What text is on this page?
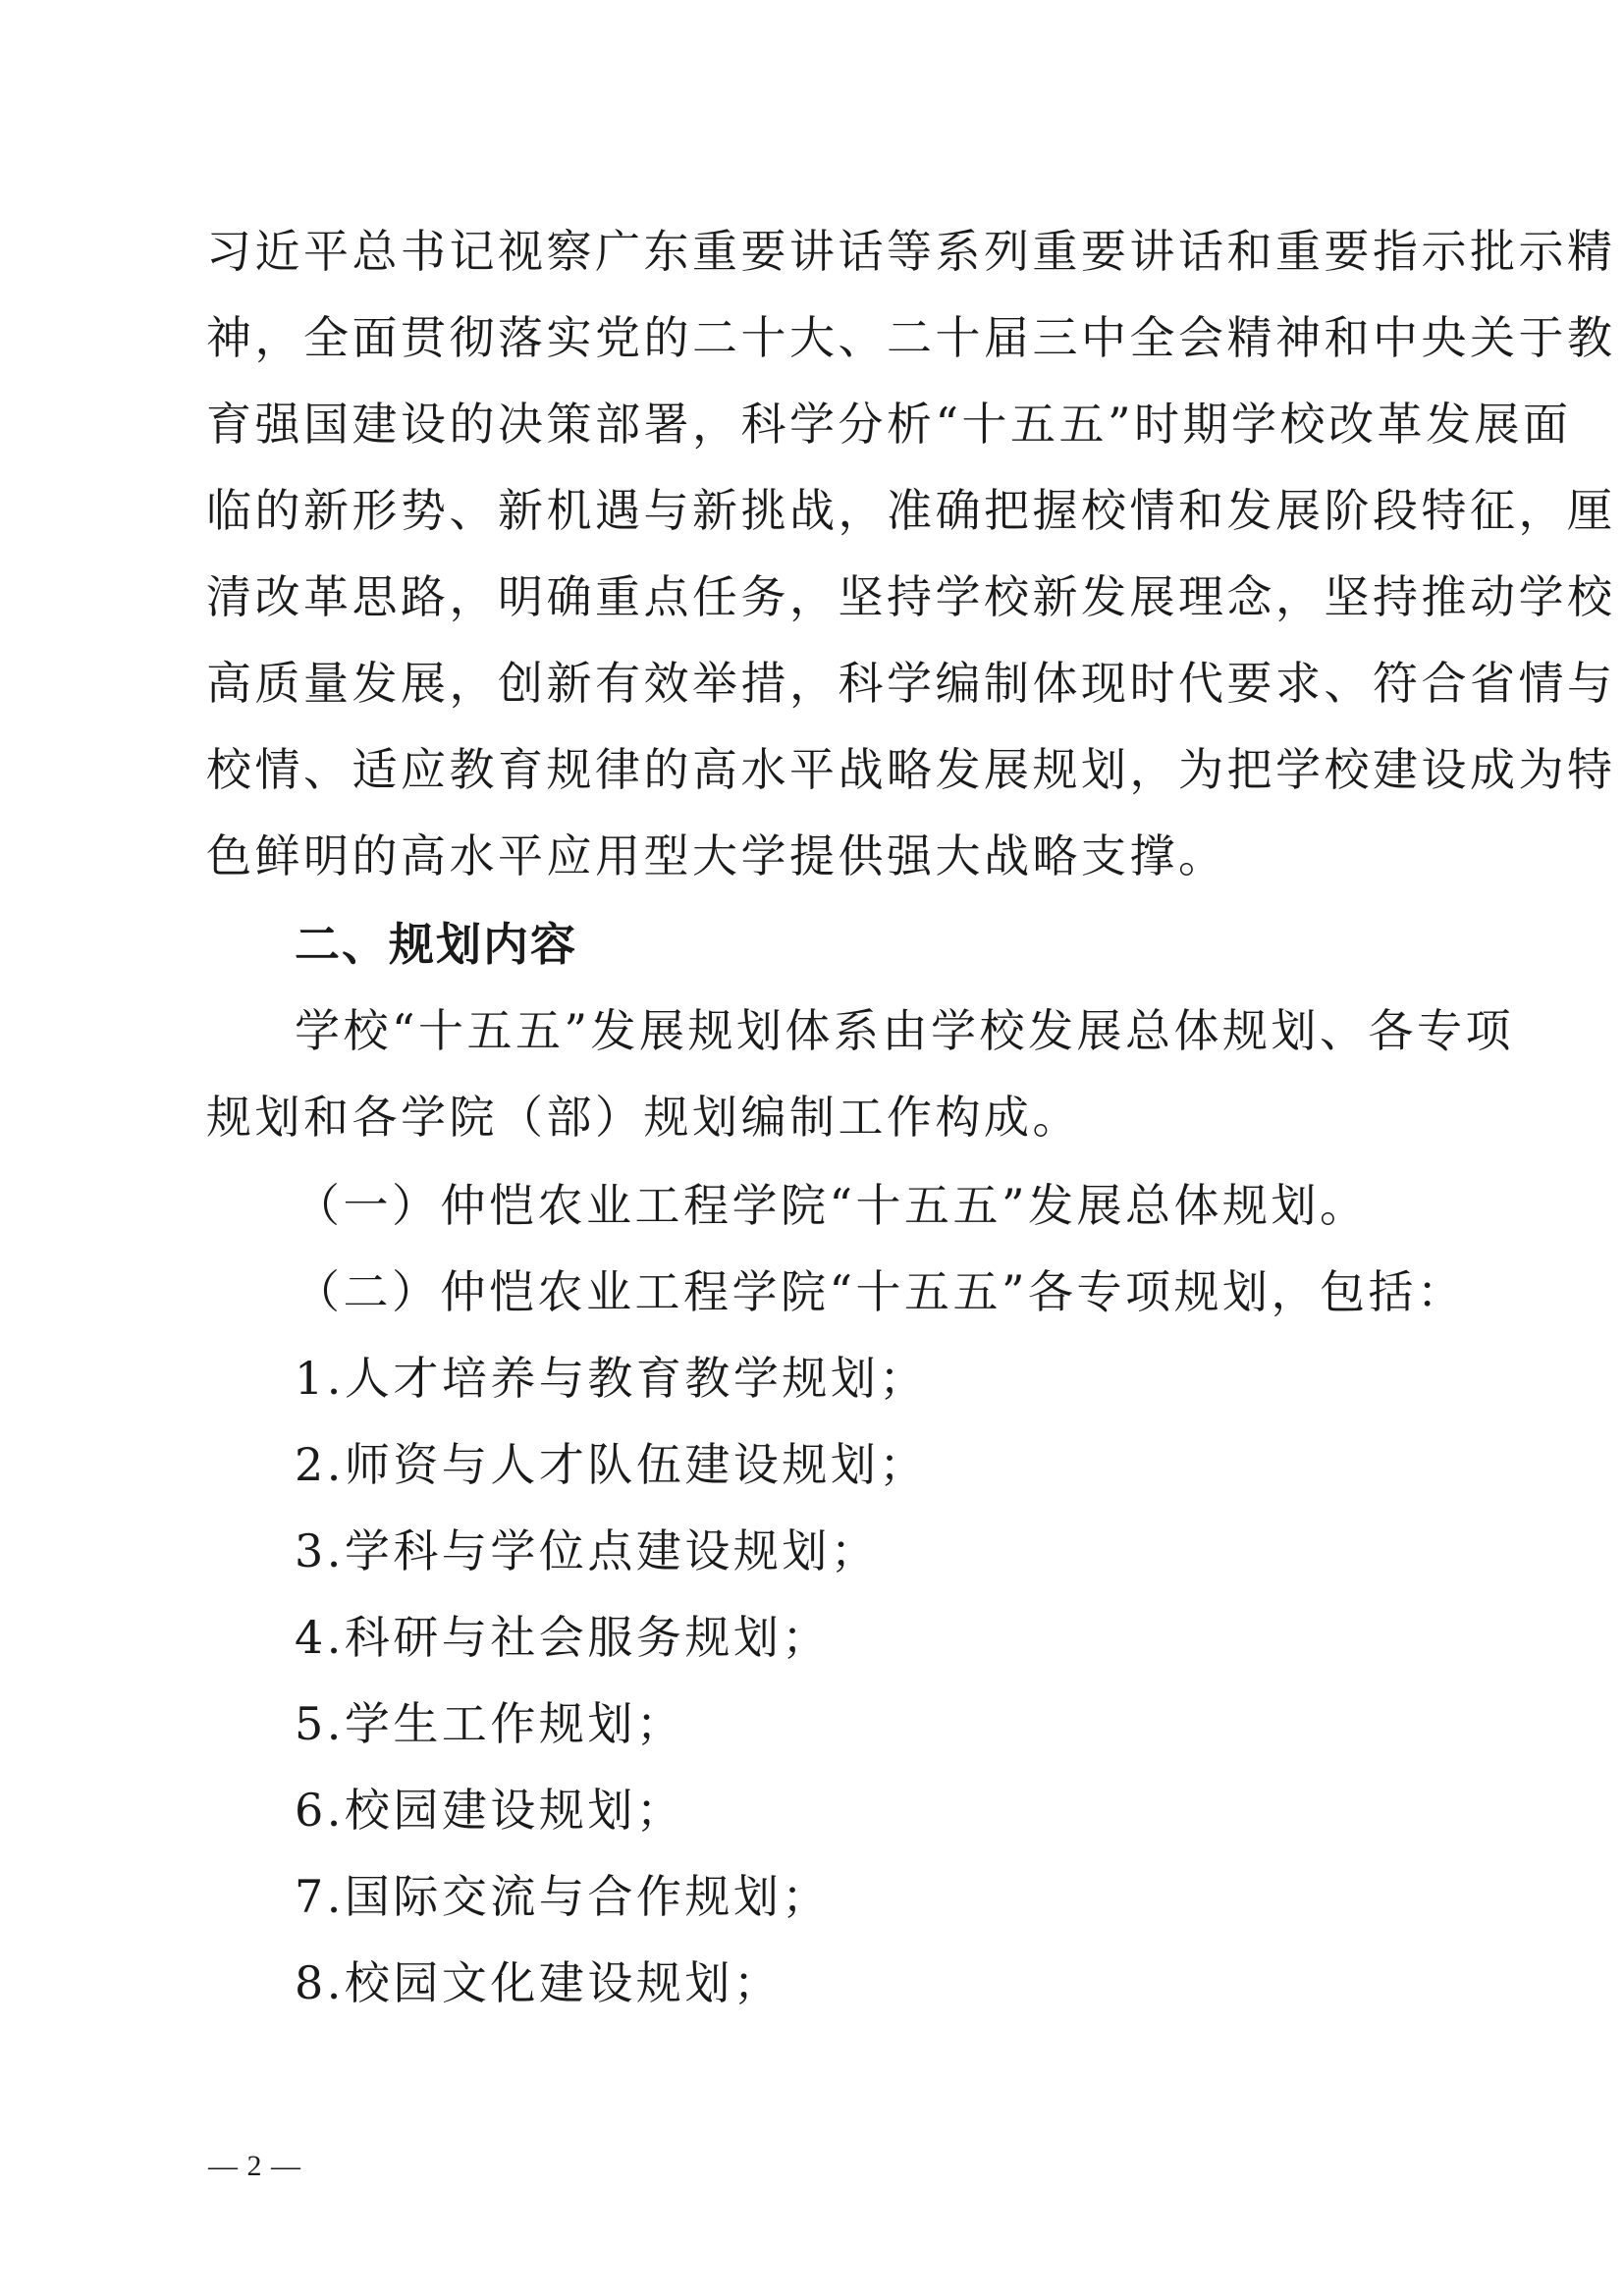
习近平总书记视察广东重要讲话等系列重要讲话和重要指示批示精
神，全面贯彻落实党的二十大、二十届三中全会精神和中央关于教
育强国建设的决策部署，科学分析“十五五”时期学校改革发展面
临的新形势、新机遇与新挑战，准确把握校情和发展阶段特征，厘
清改革思路，明确重点任务，坚持学校新发展理念，坚持推动学校
高质量发展，创新有效举措，科学编制体现时代要求、符合省情与
校情、适应教育规律的高水平战略发展规划，为把学校建设成为特
色鲜明的高水平应用型大学提供强大战略支撑。
二、规划内容
学校“十五五”发展规划体系由学校发展总体规划、各专项
规划和各学院（部）规划编制工作构成。
（一）仲恺农业工程学院“十五五”发展总体规划。
（二）仲恺农业工程学院“十五五”各专项规划，包括：
1.人才培养与教育教学规划；
2.师资与人才队伍建设规划；
3.学科与学位点建设规划；
4.科研与社会服务规划；
5.学生工作规划；
6.校园建设规划；
7.国际交流与合作规划；
8.校园文化建设规划；
— 2 —
